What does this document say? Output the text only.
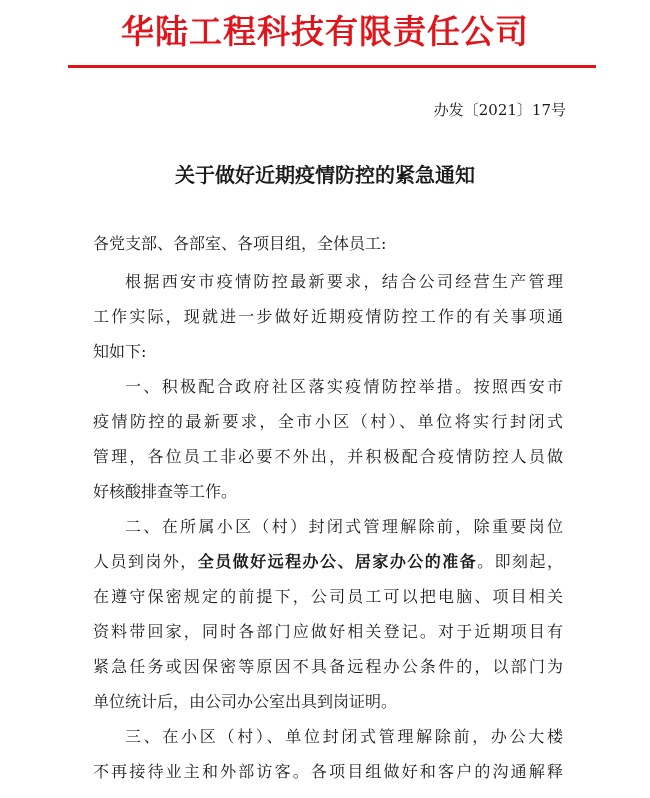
华陆工程科技有限责任公司
办发〔2021〕17号
关于做好近期疫情防控的紧急通知
各党支部、各部室、各项目组，全体员工:
根据西安市疫情防控最新要求，结合公司经营生产管理
工作实际，现就进一步做好近期疫情防控工作的有关事项通
知如下:
一、积极配合政府社区落实疫情防控举措。按照西安市
疫情防控的最新要求，全市小区（村）、单位将实行封闭式
管理，各位员工非必要不外出，并积极配合疫情防控人员做
好核酸排查等工作。
二、在所属小区（村）封闭式管理解除前，除重要岗位
人员到岗外，全员做好远程办公、居家办公的准备。即刻起，
在遵守保密规定的前提下，公司员工可以把电脑、项目相关
资料带回家，同时各部门应做好相关登记。对于近期项目有
紧急任务或因保密等原因不具备远程办公条件的，以部门为
单位统计后，由公司办公室出具到岗证明。
三、在小区（村）、单位封闭式管理解除前，办公大楼
不再接待业主和外部访客。各项目组做好和客户的沟通解释
